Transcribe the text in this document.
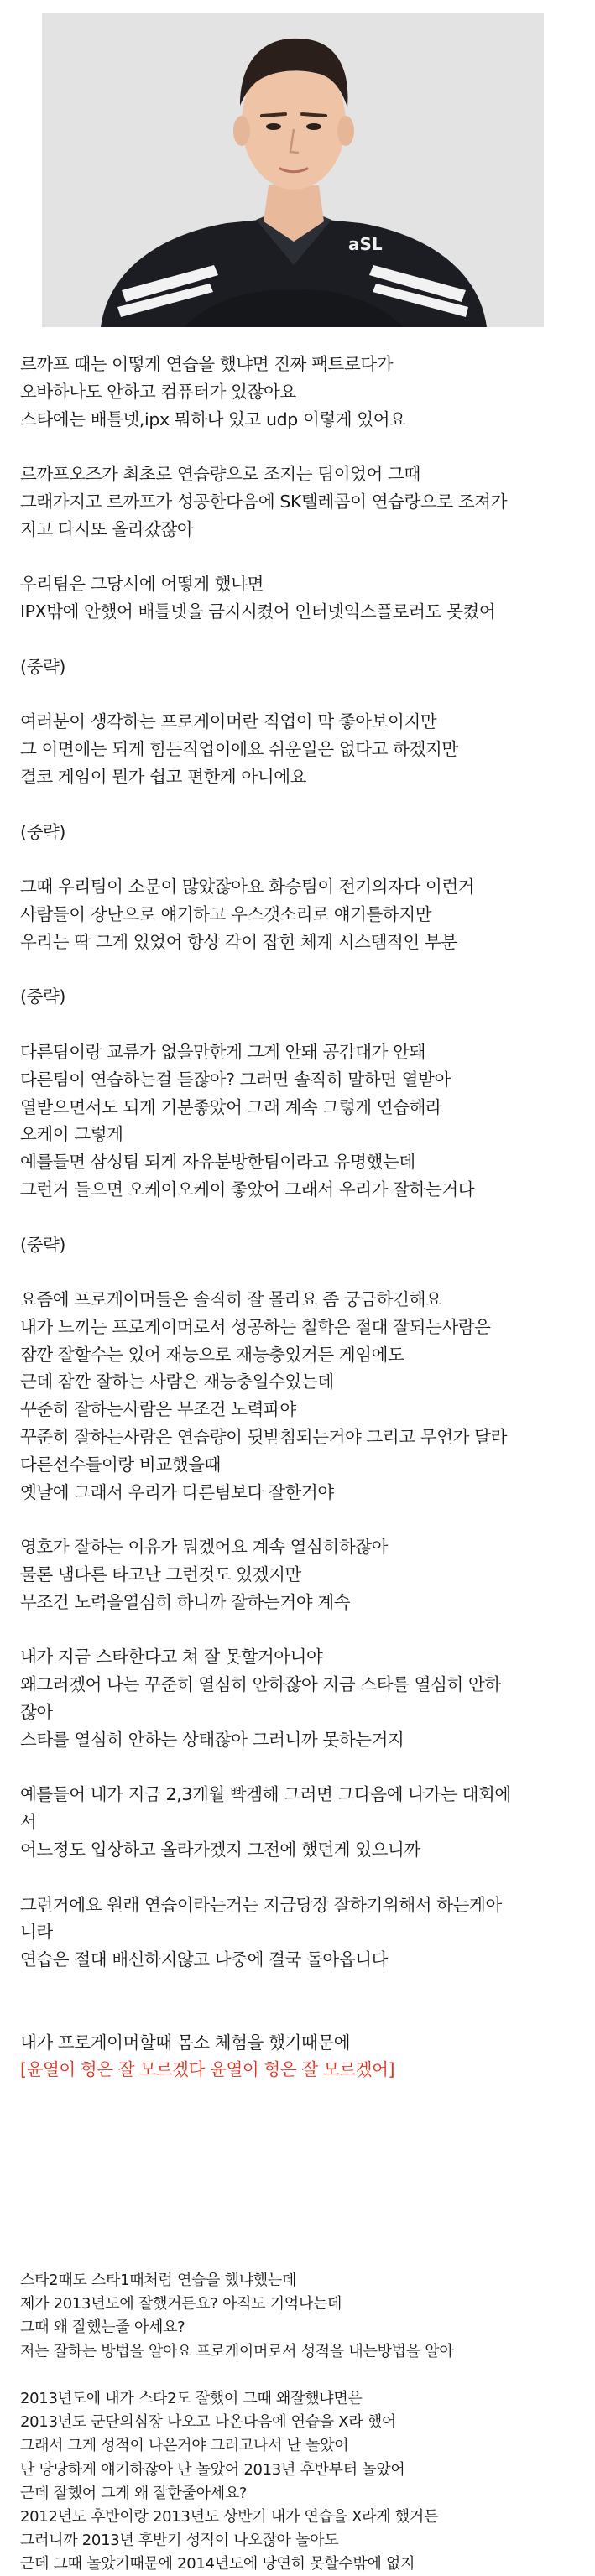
aSL
르까프 때는 어떻게 연습을 했냐면 진짜 팩트로다가
오바하나도 안하고 컴퓨터가 있잖아요
스타에는 배틀넷,ipx 뭐하나 있고 udp 이렇게 있어요
르까프오즈가 최초로 연습량으로 조지는 팀이었어 그때
그래가지고 르까프가 성공한다음에 SK텔레콤이 연습량으로 조져가
지고 다시또 올라갔잖아
우리팀은 그당시에 어떻게 했냐면
IPX밖에 안했어 배틀넷을 금지시켰어 인터넷익스플로러도 못켰어
(중략)
여러분이 생각하는 프로게이머란 직업이 막 좋아보이지만
그 이면에는 되게 힘든직업이에요 쉬운일은 없다고 하겠지만
결코 게임이 뭔가 쉽고 편한게 아니에요
(중략)
그때 우리팀이 소문이 많았잖아요 화승팀이 전기의자다 이런거
사람들이 장난으로 얘기하고 우스갯소리로 얘기를하지만
우리는 딱 그게 있었어 항상 각이 잡힌 체계 시스템적인 부분
(중략)
다른팀이랑 교류가 없을만한게 그게 안돼 공감대가 안돼
다른팀이 연습하는걸 듣잖아? 그러면 솔직히 말하면 열받아
열받으면서도 되게 기분좋았어 그래 계속 그렇게 연습해라
오케이 그렇게
예를들면 삼성팀 되게 자유분방한팀이라고 유명했는데
그런거 들으면 오케이오케이 좋았어 그래서 우리가 잘하는거다
(중략)
요즘에 프로게이머들은 솔직히 잘 몰라요 좀 궁금하긴해요
내가 느끼는 프로게이머로서 성공하는 철학은 절대 잘되는사람은
잠깐 잘할수는 있어 재능으로 재능충있거든 게임에도
근데 잠깐 잘하는 사람은 재능충일수있는데
꾸준히 잘하는사람은 무조건 노력파야
꾸준히 잘하는사람은 연습량이 뒷받침되는거야 그리고 무언가 달라
다른선수들이랑 비교했을때
옛날에 그래서 우리가 다른팀보다 잘한거야
영호가 잘하는 이유가 뭐겠어요 계속 열심히하잖아
물론 냄다른 타고난 그런것도 있겠지만
무조건 노력을열심히 하니까 잘하는거야 계속
내가 지금 스타한다고 쳐 잘 못할거아니야
왜그러겠어 나는 꾸준히 열심히 안하잖아 지금 스타를 열심히 안하
잖아
스타를 열심히 안하는 상태잖아 그러니까 못하는거지
예를들어 내가 지금 2,3개월 빡겜해 그러면 그다음에 나가는 대회에
서
어느정도 입상하고 올라가겠지 그전에 했던게 있으니까
그런거에요 원래 연습이라는거는 지금당장 잘하기위해서 하는게아
니라
연습은 절대 배신하지않고 나중에 결국 돌아옵니다
내가 프로게이머할때 몸소 체험을 했기때문에
[윤열이 형은 잘 모르겠다 윤열이 형은 잘 모르겠어]
스타2때도 스타1때처럼 연습을 했냐했는데
제가 2013년도에 잘했거든요? 아직도 기억나는데
그때 왜 잘했는줄 아세요?
저는 잘하는 방법을 알아요 프로게이머로서 성적을 내는방법을 알아
2013년도에 내가 스타2도 잘했어 그때 왜잘했냐면은
2013년도 군단의심장 나오고 나온다음에 연습을 X라 했어
그래서 그게 성적이 나온거야 그러고나서 난 놀았어
난 당당하게 얘기하잖아 난 놀았어 2013년 후반부터 놀았어
근데 잘했어 그게 왜 잘한줄아세요?
2012년도 후반이랑 2013년도 상반기 내가 연습을 X라게 했거든
그러니까 2013년 후반기 성적이 나오잖아 놀아도
근데 그때 놀았기때문에 2014년도에 당연히 못할수밖에 없지
